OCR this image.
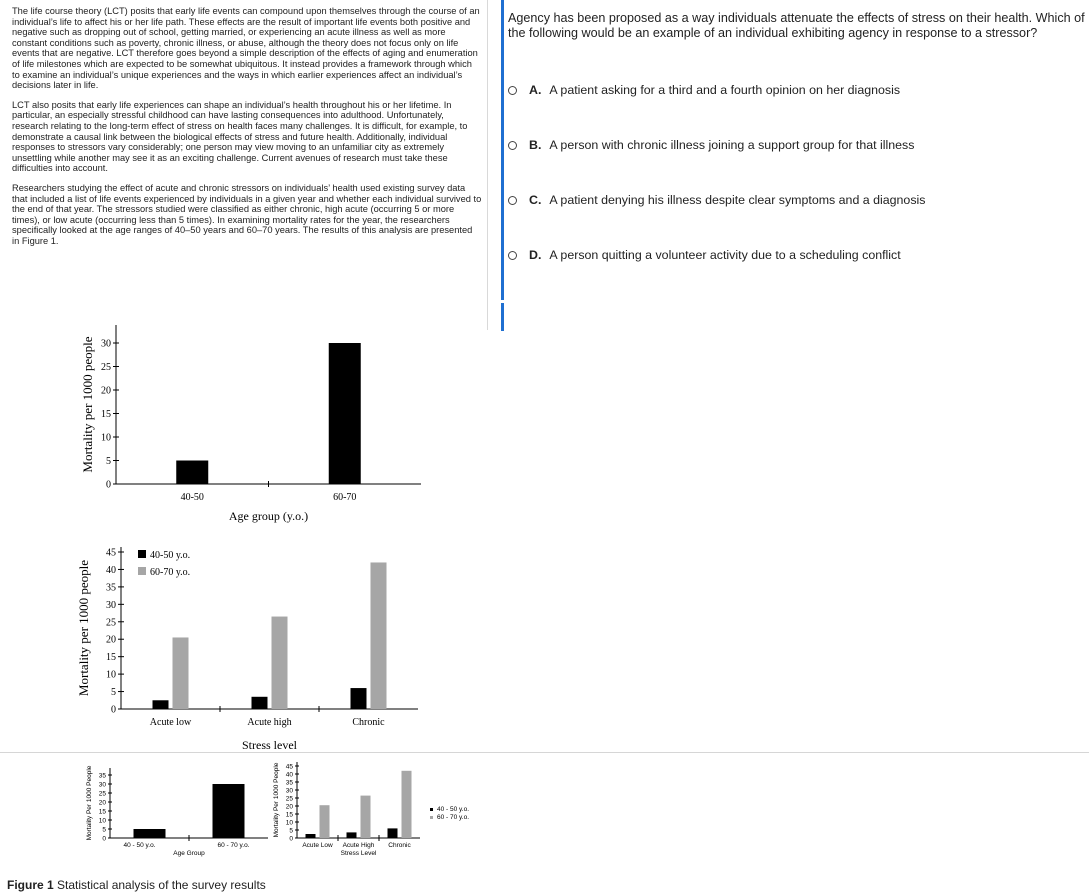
The life course theory (LCT) posits that early life events can compound upon themselves through the course of an individual’s life to affect his or her life path. These effects are the result of important life events both positive and negative such as dropping out of school, getting married, or experiencing an acute illness as well as more constant conditions such as poverty, chronic illness, or abuse, although the theory does not focus only on life events that are negative. LCT therefore goes beyond a simple description of the effects of aging and enumeration of life milestones which are expected to be somewhat ubiquitous. It instead provides a framework through which to examine an individual’s unique experiences and the ways in which earlier experiences affect an individual’s decisions later in life.

LCT also posits that early life experiences can shape an individual’s health throughout his or her lifetime. In particular, an especially stressful childhood can have lasting consequences into adulthood. Unfortunately, research relating to the long-term effect of stress on health faces many challenges. It is difficult, for example, to demonstrate a causal link between the biological effects of stress and future health. Additionally, individual responses to stressors vary considerably; one person may view moving to an unfamiliar city as extremely unsettling while another may see it as an exciting challenge. Current avenues of research must take these difficulties into account.

Researchers studying the effect of acute and chronic stressors on individuals’ health used existing survey data that included a list of life events experienced by individuals in a given year and whether each individual survived to the end of that year. The stressors studied were classified as either chronic, high acute (occurring 5 or more times), or low acute (occurring less than 5 times). In examining mortality rates for the year, the researchers specifically looked at the age ranges of 40–50 years and 60–70 years. The results of this analysis are presented in Figure 1.

Agency has been proposed as a way individuals attenuate the effects of stress on their health. Which of the following would be an example of an individual exhibiting agency in response to a stressor?
A. A patient asking for a third and a fourth opinion on her diagnosis
B. A person with chronic illness joining a support group for that illness
C. A patient denying his illness despite clear symptoms and a diagnosis
D. A person quitting a volunteer activity due to a scheduling conflict
0
5
10
15
20
25
30
40-50	60-70
Age group (y.o.)
Mortality per 1000 people
0
5
10
15
20
25
30
35
40
45
Acute low	Acute high	Chronic
Stress level
Mortality per 1000 people
40-50 y.o.
60-70 y.o.
0
5
10
15
20
25
30
35
40 - 50 y.o.	60 - 70 y.o.
Age Group
Mortality Per 1000 People	0
5
10
15
20
25
30
35
40
45
Acute Low Acute High Chronic
Stress Level
Mortality Per 1000 People	40 - 50 y.o.
60 - 70 y.o.
Figure 1 Statistical analysis of the survey results
